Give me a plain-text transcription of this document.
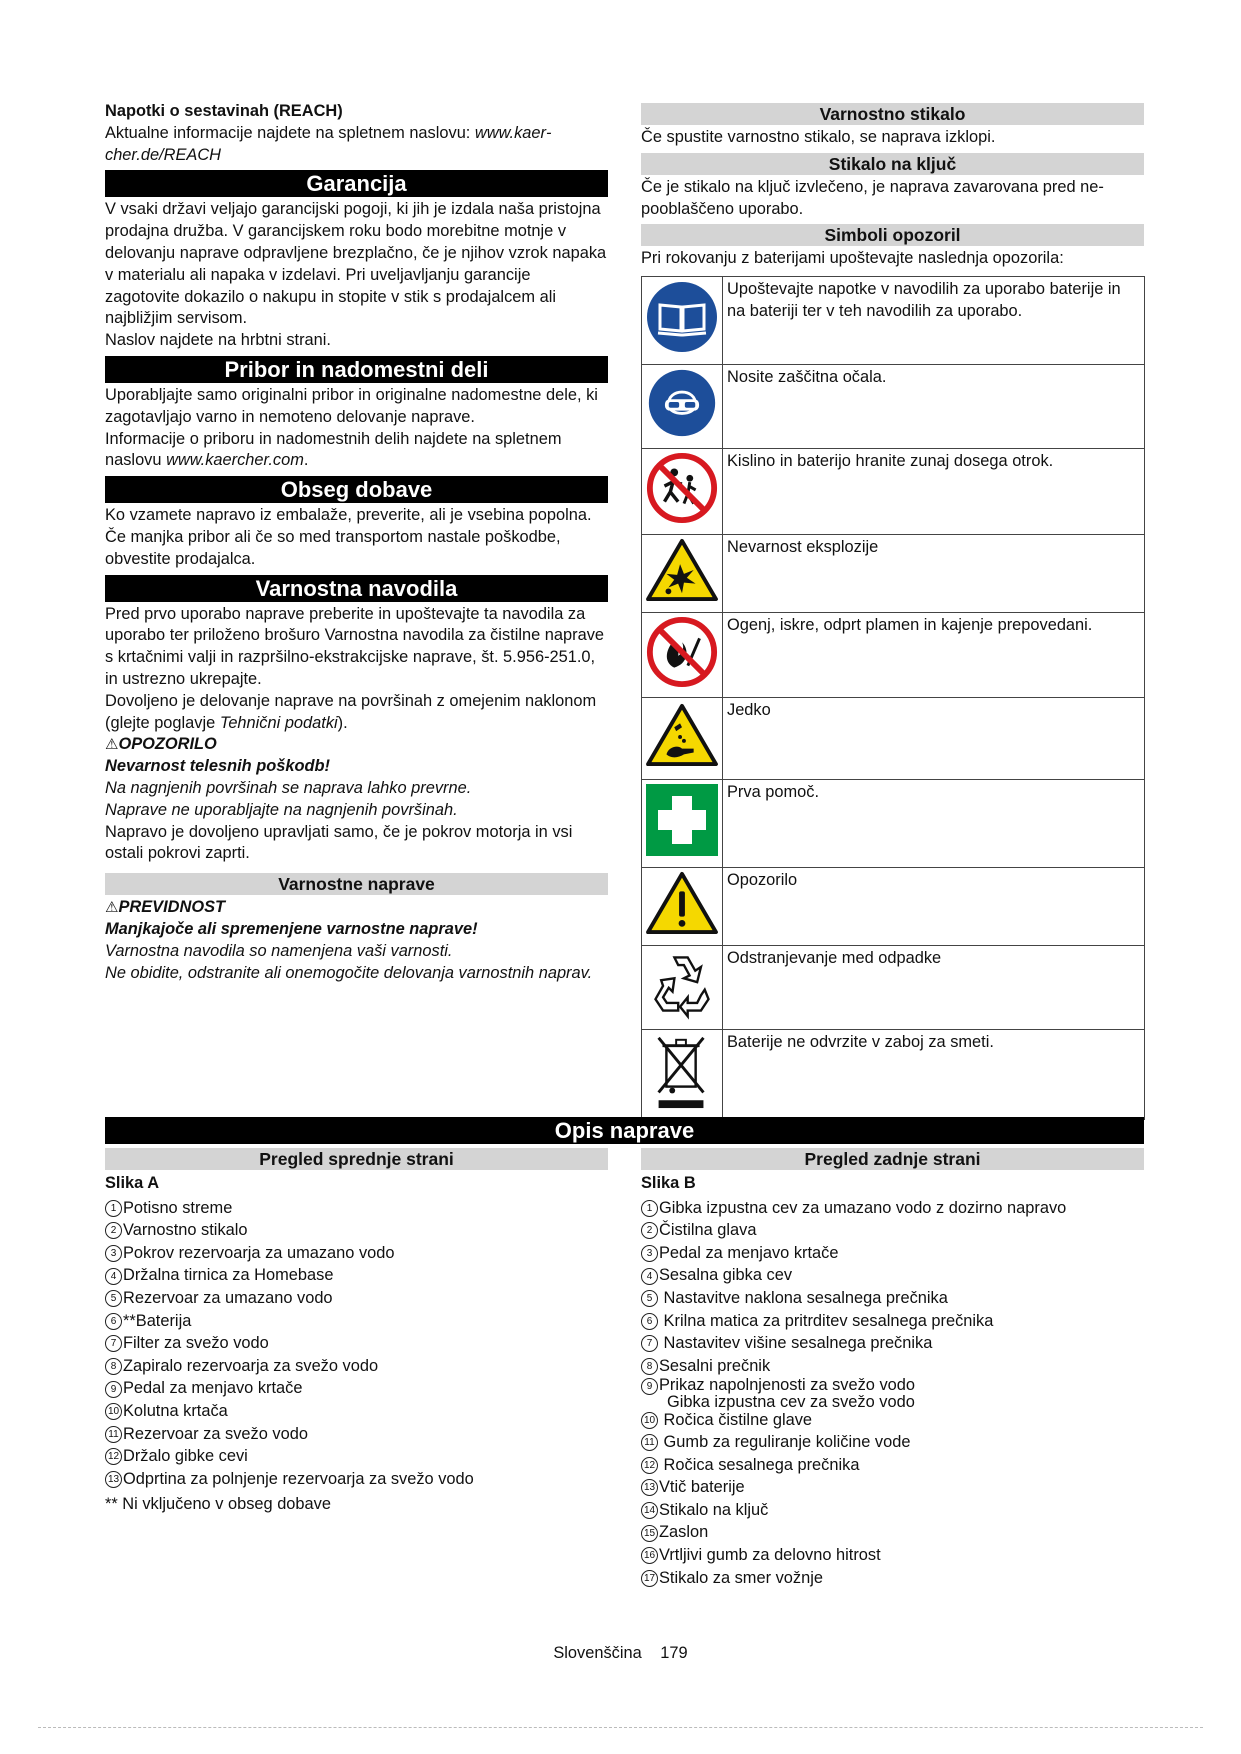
Napotki o sestavinah (REACH)

Aktualne informacije najdete na spletnem naslovu: www.kaercher.de/REACH

Garancija

V vsaki državi veljajo garancijski pogoji, ki jih je izdala naša pristojna prodajna družba. V garancijskem roku bodo morebitne motnje v delovanju naprave odpravljene brezplačno, če je njihov vzrok napaka v materialu ali napaka v izdelavi. Pri uveljavljanju garancije zagotovite dokazilo o nakupu in stopite v stik s prodajalcem ali najbližjim servisom.

Naslov najdete na hrbtni strani.

Pribor in nadomestni deli

Uporabljajte samo originalni pribor in originalne nadomestne dele, ki zagotavljajo varno in nemoteno delovanje naprave.

Informacije o priboru in nadomestnih delih najdete na spletnem naslovu www.kaercher.com.

Obseg dobave

Ko vzamete napravo iz embalaže, preverite, ali je vsebina popolna. Če manjka pribor ali če so med transportom nastale poškodbe, obvestite prodajalca.

Varnostna navodila

Pred prvo uporabo naprave preberite in upoštevajte ta navodila za uporabo ter priloženo brošuro Varnostna navodila za čistilne naprave s krtačnimi valji in razpršilno-ekstrakcijske naprave, št. 5.956-251.0, in ustrezno ukrepajte.

Dovoljeno je delovanje naprave na površinah z omejenim naklonom (glejte poglavje Tehnični podatki).

⚠OPOZORILO

Nevarnost telesnih poškodb!

Na nagnjenih površinah se naprava lahko prevrne.

Naprave ne uporabljajte na nagnjenih površinah.

Napravo je dovoljeno upravljati samo, če je pokrov motorja in vsi ostali pokrovi zaprti.

Varnostne naprave

⚠PREVIDNOST

Manjkajoče ali spremenjene varnostne naprave!

Varnostna navodila so namenjena vaši varnosti.

Ne obidite, odstranite ali onemogočite delovanja varnostnih naprav.

Varnostno stikalo

Če spustite varnostno stikalo, se naprava izklopi.

Stikalo na ključ

Če je stikalo na ključ izvlečeno, je naprava zavarovana pred nepooblaščeno uporabo.

Simboli opozoril

Pri rokovanju z baterijami upoštevajte naslednja opozorila:

	Upoštevajte napotke v navodilih za uporabo baterije in na bateriji ter v teh navodilih za uporabo.
	Nosite zaščitna očala.
	Kislino in baterijo hranite zunaj dosega otrok.
	Nevarnost eksplozije
	Ogenj, iskre, odprt plamen in kajenje prepovedani.
	Jedko
	Prva pomoč.
	Opozorilo
	Odstranjevanje med odpadke
	Baterije ne odvrzite v zaboj za smeti.
Opis naprave
Pregled sprednje strani

Slika A

1 Potisno streme
2 Varnostno stikalo
3 Pokrov rezervoarja za umazano vodo
4 Držalna tirnica za Homebase
5 Rezervoar za umazano vodo
6 **Baterija
7 Filter za svežo vodo
8 Zapiralo rezervoarja za svežo vodo
9 Pedal za menjavo krtače
10 Kolutna krtača
11 Rezervoar za svežo vodo
12 Držalo gibke cevi
13 Odprtina za polnjenje rezervoarja za svežo vodo

** Ni vključeno v obseg dobave

Pregled zadnje strani

Slika B

1 Gibka izpustna cev za umazano vodo z dozirno napravo
2 Čistilna glava
3 Pedal za menjavo krtače
4 Sesalna gibka cev
5 Nastavitve naklona sesalnega prečnika
6 Krilna matica za pritrditev sesalnega prečnika
7 Nastavitev višine sesalnega prečnika
8 Sesalni prečnik
9 Prikaz napolnjenosti za svežo vodo
Gibka izpustna cev za svežo vodo
10 Ročica čistilne glave
11 Gumb za reguliranje količine vode
12 Ročica sesalnega prečnika
13 Vtič baterije
14 Stikalo na ključ
15 Zaslon
16 Vrtljivi gumb za delovno hitrost
17 Stikalo za smer vožnje
Slovenščina 179
